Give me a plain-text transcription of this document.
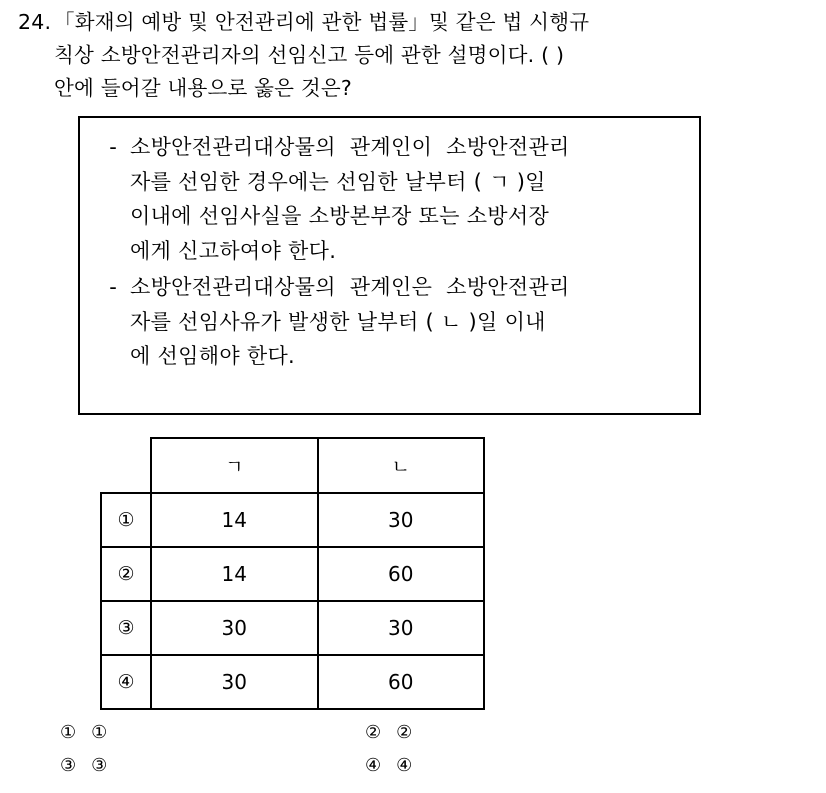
24. 「화재의 예방 및 안전관리에 관한 법률」및 같은 법 시행규
칙상 소방안전관리자의 선임신고 등에 관한 설명이다. ( )
안에 들어갈 내용으로 옳은 것은?
- 소방안전관리대상물의  관계인이  소방안전관리
자를 선임한 경우에는 선임한 날부터 ( ㄱ )일
이내에 선임사실을 소방본부장 또는 소방서장
에게 신고하여야 한다.
- 소방안전관리대상물의  관계인은  소방안전관리
자를 선임사유가 발생한 날부터 ( ㄴ )일 이내
에 선임해야 한다.
	ㄱ	ㄴ
①	14	30
②	14	60
③	30	30
④	30	60
① ①	② ②
③ ③	④ ④
